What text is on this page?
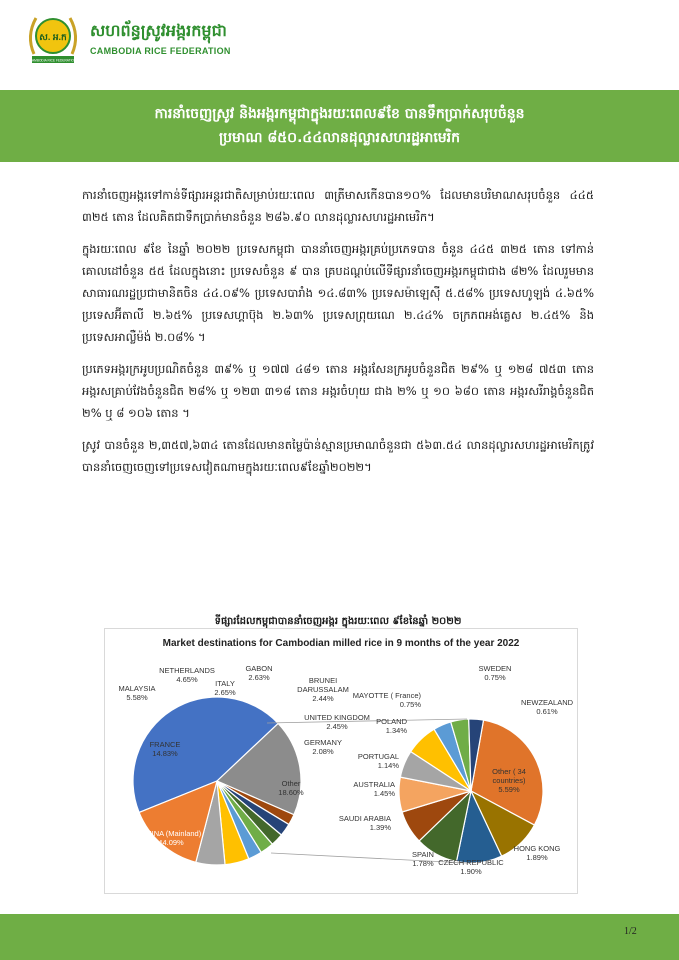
ស. អ.ក
CAMBODIA RICE FEDERATION
សហព័ន្ធស្រូវអង្ករកម្ពុជា
CAMBODIA RICE FEDERATION
ការនាំចេញស្រូវ និងអង្ករកម្ពុជាក្នុងរយៈពេល៩ខែ បានទឹកប្រាក់សរុបចំនួន
ប្រមាណ ៨៥០.៤៤លានដុល្លារសហរដ្ឋអាមេរិក

ការនាំចេញអង្ករទៅកាន់ទីផ្សារអន្តរជាតិសម្រាប់រយៈពេល ៣ត្រីមាសកើនបាន១០% ដែលមានបរិមាណសរុបចំនួន ៤៤៥ ៣២៥ តោន ដែលគិតជាទឹកប្រាក់មានចំនួន ២៨៦.៩០ លានដុល្លារសហរដ្ឋអាមេរិក។

ក្នុងរយៈពេល ៩ខែ នៃឆ្នាំ ២០២២ ប្រទេសកម្ពុជា បាននាំចេញអង្ករគ្រប់ប្រភេទបាន ចំនួន ៤៤៥ ៣២៥ តោន ទៅកាន់គោលដៅចំនួន ៥៥ ដែលក្នុងនោះ ប្រទេសចំនួន ៩ បាន គ្របដណ្តប់លើទីផ្សារនាំចេញអង្ករកម្ពុជាជាង ៨២% ដែលរួមមាន សាធារណរដ្ឋប្រជាមានិតចិន ៤៤.០៩% ប្រទេសបារាំង ១៤.៨៣% ប្រទេសម៉ាឡេស៊ី ៥.៥៨% ប្រទេសហូឡង់ ៤.៦៥% ប្រទេសអ៊ីតាលី ២.៦៥% ប្រទេសហ្គាប៊ុង ២.៦៣% ប្រទេសព្រុយណេ ២.៤៤% ចក្រភពអង់គ្លេស ២.៤៥% និងប្រទេសអាល្លឺម៉ង់ ២.០៨% ។

ប្រភេទអង្ករក្រអូបប្រណិតចំនួន ៣៩% ឬ ១៧៧ ៤៨១ តោន អង្ករសែនក្រអូបចំនួនជិត ២៩% ឬ ១២៨ ៧៥៣ តោន អង្ករសគ្រាប់វែងចំនួនជិត ២៨% ឬ ១២៣ ៣១៨ តោន អង្ករចំហុយ ជាង ២% ឬ ១០ ៦៨០ តោន អង្ករសរីរាង្គចំនួនជិត ២% ឬ ៨ ១០៦ តោន ។

ស្រូវ បានចំនួន ២,៣៥៧,៦៣៤ តោនដែលមានតម្លៃប៉ាន់ស្មានប្រមាណចំនួនជា ៥៦៣.៥៤ លានដុល្លារសហរដ្ឋអាមេរិកត្រូវបាននាំចេញចេញទៅប្រទេសវៀតណាមក្នុងរយៈពេល៩ខែឆ្នាំ២០២២។

ទីផ្សារដែលកម្ពុជាបាននាំចេញអង្ករ ក្នុងរយៈពេល ៩ខែនៃឆ្នាំ ២០២២
Market destinations for Cambodian milled rice in 9 months of the year 2022
CHINA (Mainland) 44.09%
Other 18.60%
GERMANY 2.08%
UNITED KINGDOM 2.45%
BRUNEI DARUSSALAM 2.44%
GABON 2.63%
ITALY 2.65%
NETHERLANDS 4.65%
MALAYSIA 5.58%
FRANCE 14.83%
Other ( 34 countries) 5.59%
HONG KONG 1.89%
CZECH REPUBLIC 1.90%
SPAIN 1.78%
SAUDI ARABIA 1.39%
AUSTRALIA 1.45%
PORTUGAL 1.14%
POLAND 1.34%
MAYOTTE ( France) 0.75%
SWEDEN 0.75%
NEWZEALAND 0.61%
1/2
